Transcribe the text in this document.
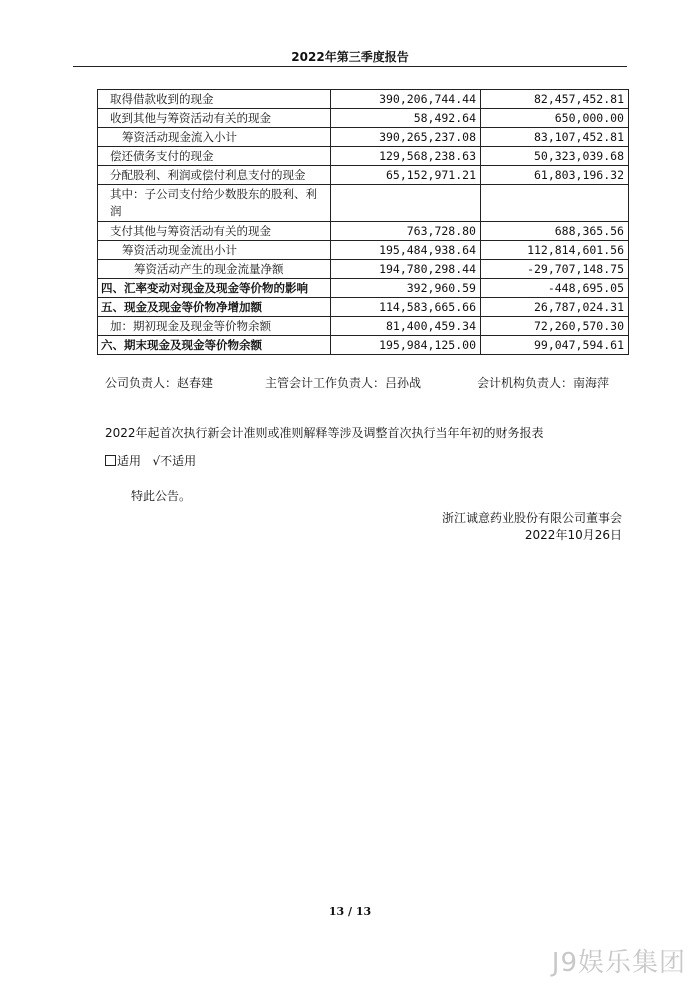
2022年第三季度报告
取得借款收到的现金	390,206,744.44	82,457,452.81
收到其他与筹资活动有关的现金	58,492.64	650,000.00
筹资活动现金流入小计	390,265,237.08	83,107,452.81
偿还债务支付的现金	129,568,238.63	50,323,039.68
分配股利、利润或偿付利息支付的现金	65,152,971.21	61,803,196.32
其中：子公司支付给少数股东的股利、利润		
支付其他与筹资活动有关的现金	763,728.80	688,365.56
筹资活动现金流出小计	195,484,938.64	112,814,601.56
筹资活动产生的现金流量净额	194,780,298.44	-29,707,148.75
四、汇率变动对现金及现金等价物的影响	392,960.59	-448,695.05
五、现金及现金等价物净增加额	114,583,665.66	26,787,024.31
加：期初现金及现金等价物余额	81,400,459.34	72,260,570.30
六、期末现金及现金等价物余额	195,984,125.00	99,047,594.61
公司负责人：赵春建	主管会计工作负责人：吕孙战	会计机构负责人：南海萍
2022年起首次执行新会计准则或准则解释等涉及调整首次执行当年年初的财务报表
适用 √不适用
特此公告。
浙江诚意药业股份有限公司董事会
2022年10月26日
13 / 13
J9娱乐集团
